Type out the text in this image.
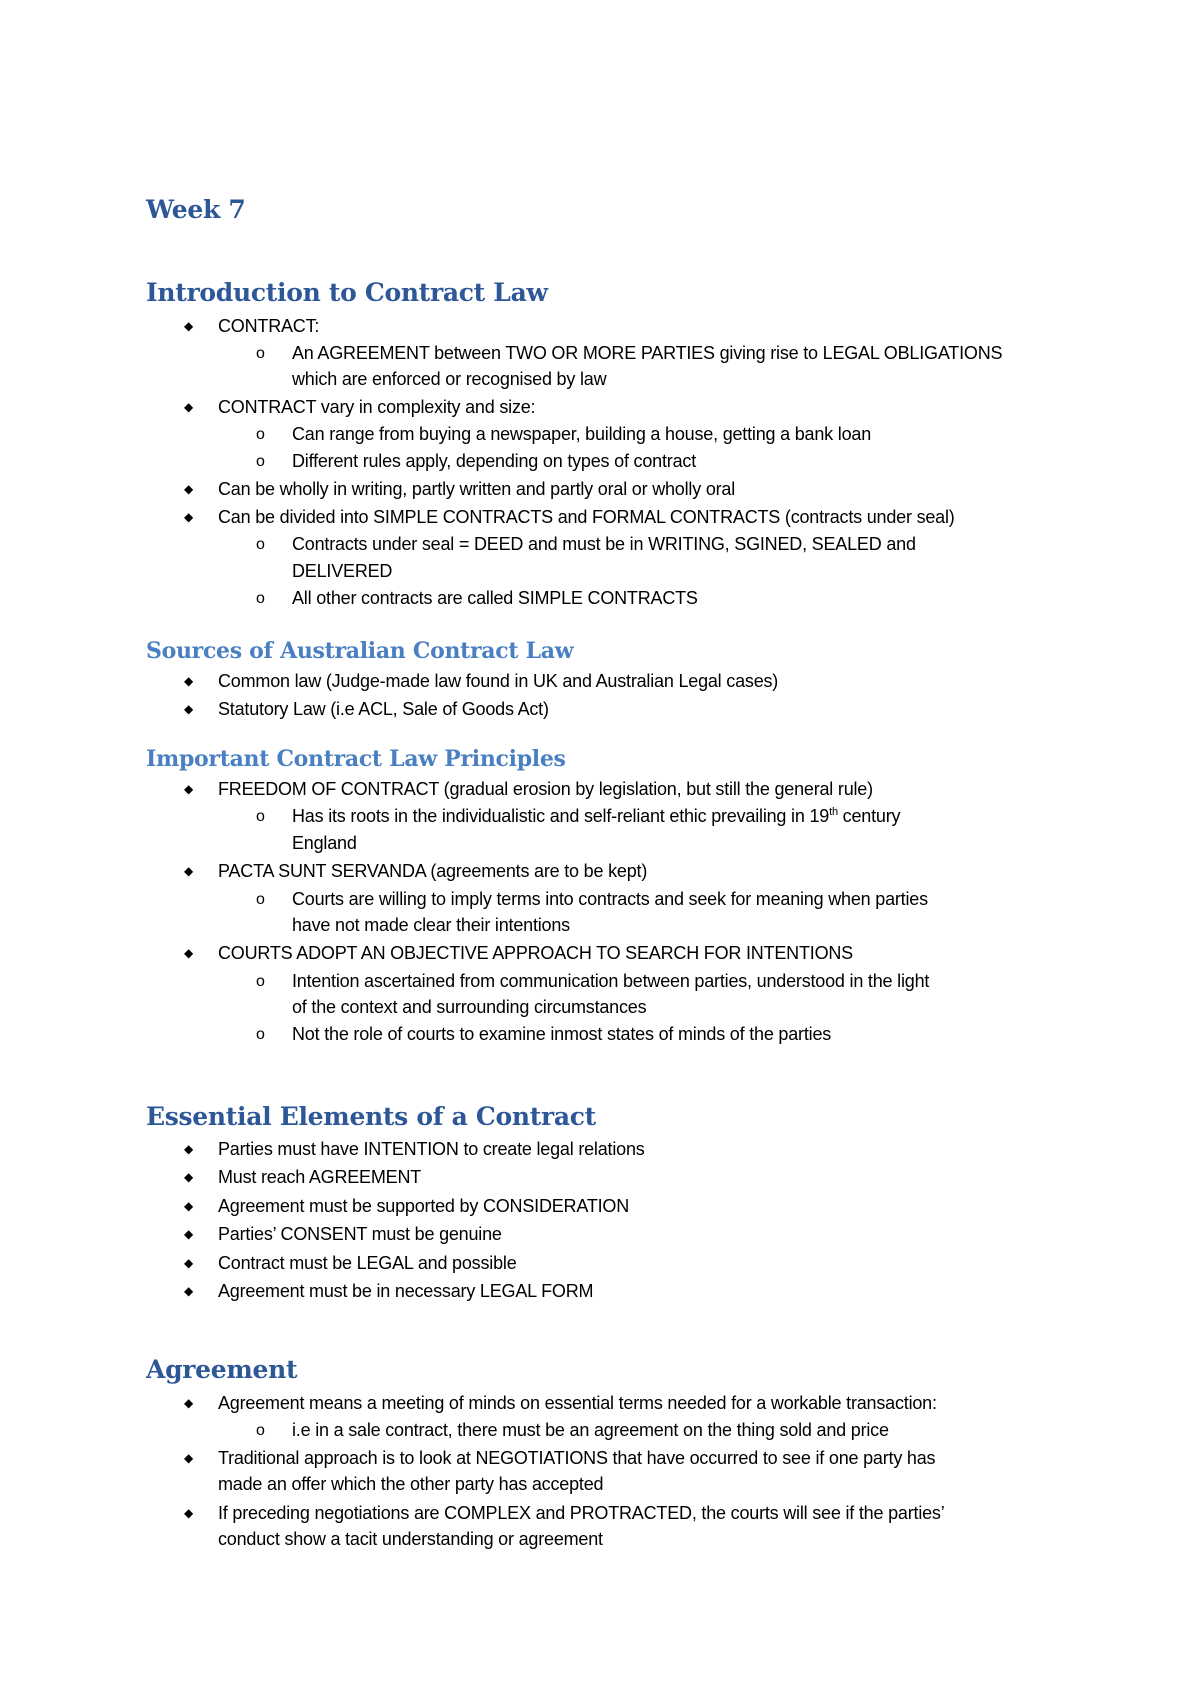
Week 7
Introduction to Contract Law
◆ CONTRACT:
o An AGREEMENT between TWO OR MORE PARTIES giving rise to LEGAL OBLIGATIONS
which are enforced or recognised by law
◆ CONTRACT vary in complexity and size:
o Can range from buying a newspaper, building a house, getting a bank loan
o Different rules apply, depending on types of contract
◆ Can be wholly in writing, partly written and partly oral or wholly oral
◆ Can be divided into SIMPLE CONTRACTS and FORMAL CONTRACTS (contracts under seal)
o Contracts under seal = DEED and must be in WRITING, SGINED, SEALED and
DELIVERED
o All other contracts are called SIMPLE CONTRACTS
Sources of Australian Contract Law
◆ Common law (Judge-made law found in UK and Australian Legal cases)
◆ Statutory Law (i.e ACL, Sale of Goods Act)
Important Contract Law Principles
◆ FREEDOM OF CONTRACT (gradual erosion by legislation, but still the general rule)
o Has its roots in the individualistic and self-reliant ethic prevailing in 19th century
England
◆ PACTA SUNT SERVANDA (agreements are to be kept)
o Courts are willing to imply terms into contracts and seek for meaning when parties
have not made clear their intentions
◆ COURTS ADOPT AN OBJECTIVE APPROACH TO SEARCH FOR INTENTIONS
o Intention ascertained from communication between parties, understood in the light
of the context and surrounding circumstances
o Not the role of courts to examine inmost states of minds of the parties
Essential Elements of a Contract
◆ Parties must have INTENTION to create legal relations
◆ Must reach AGREEMENT
◆ Agreement must be supported by CONSIDERATION
◆ Parties’ CONSENT must be genuine
◆ Contract must be LEGAL and possible
◆ Agreement must be in necessary LEGAL FORM
Agreement
◆ Agreement means a meeting of minds on essential terms needed for a workable transaction:
o i.e in a sale contract, there must be an agreement on the thing sold and price
◆ Traditional approach is to look at NEGOTIATIONS that have occurred to see if one party has
made an offer which the other party has accepted
◆ If preceding negotiations are COMPLEX and PROTRACTED, the courts will see if the parties’
conduct show a tacit understanding or agreement
